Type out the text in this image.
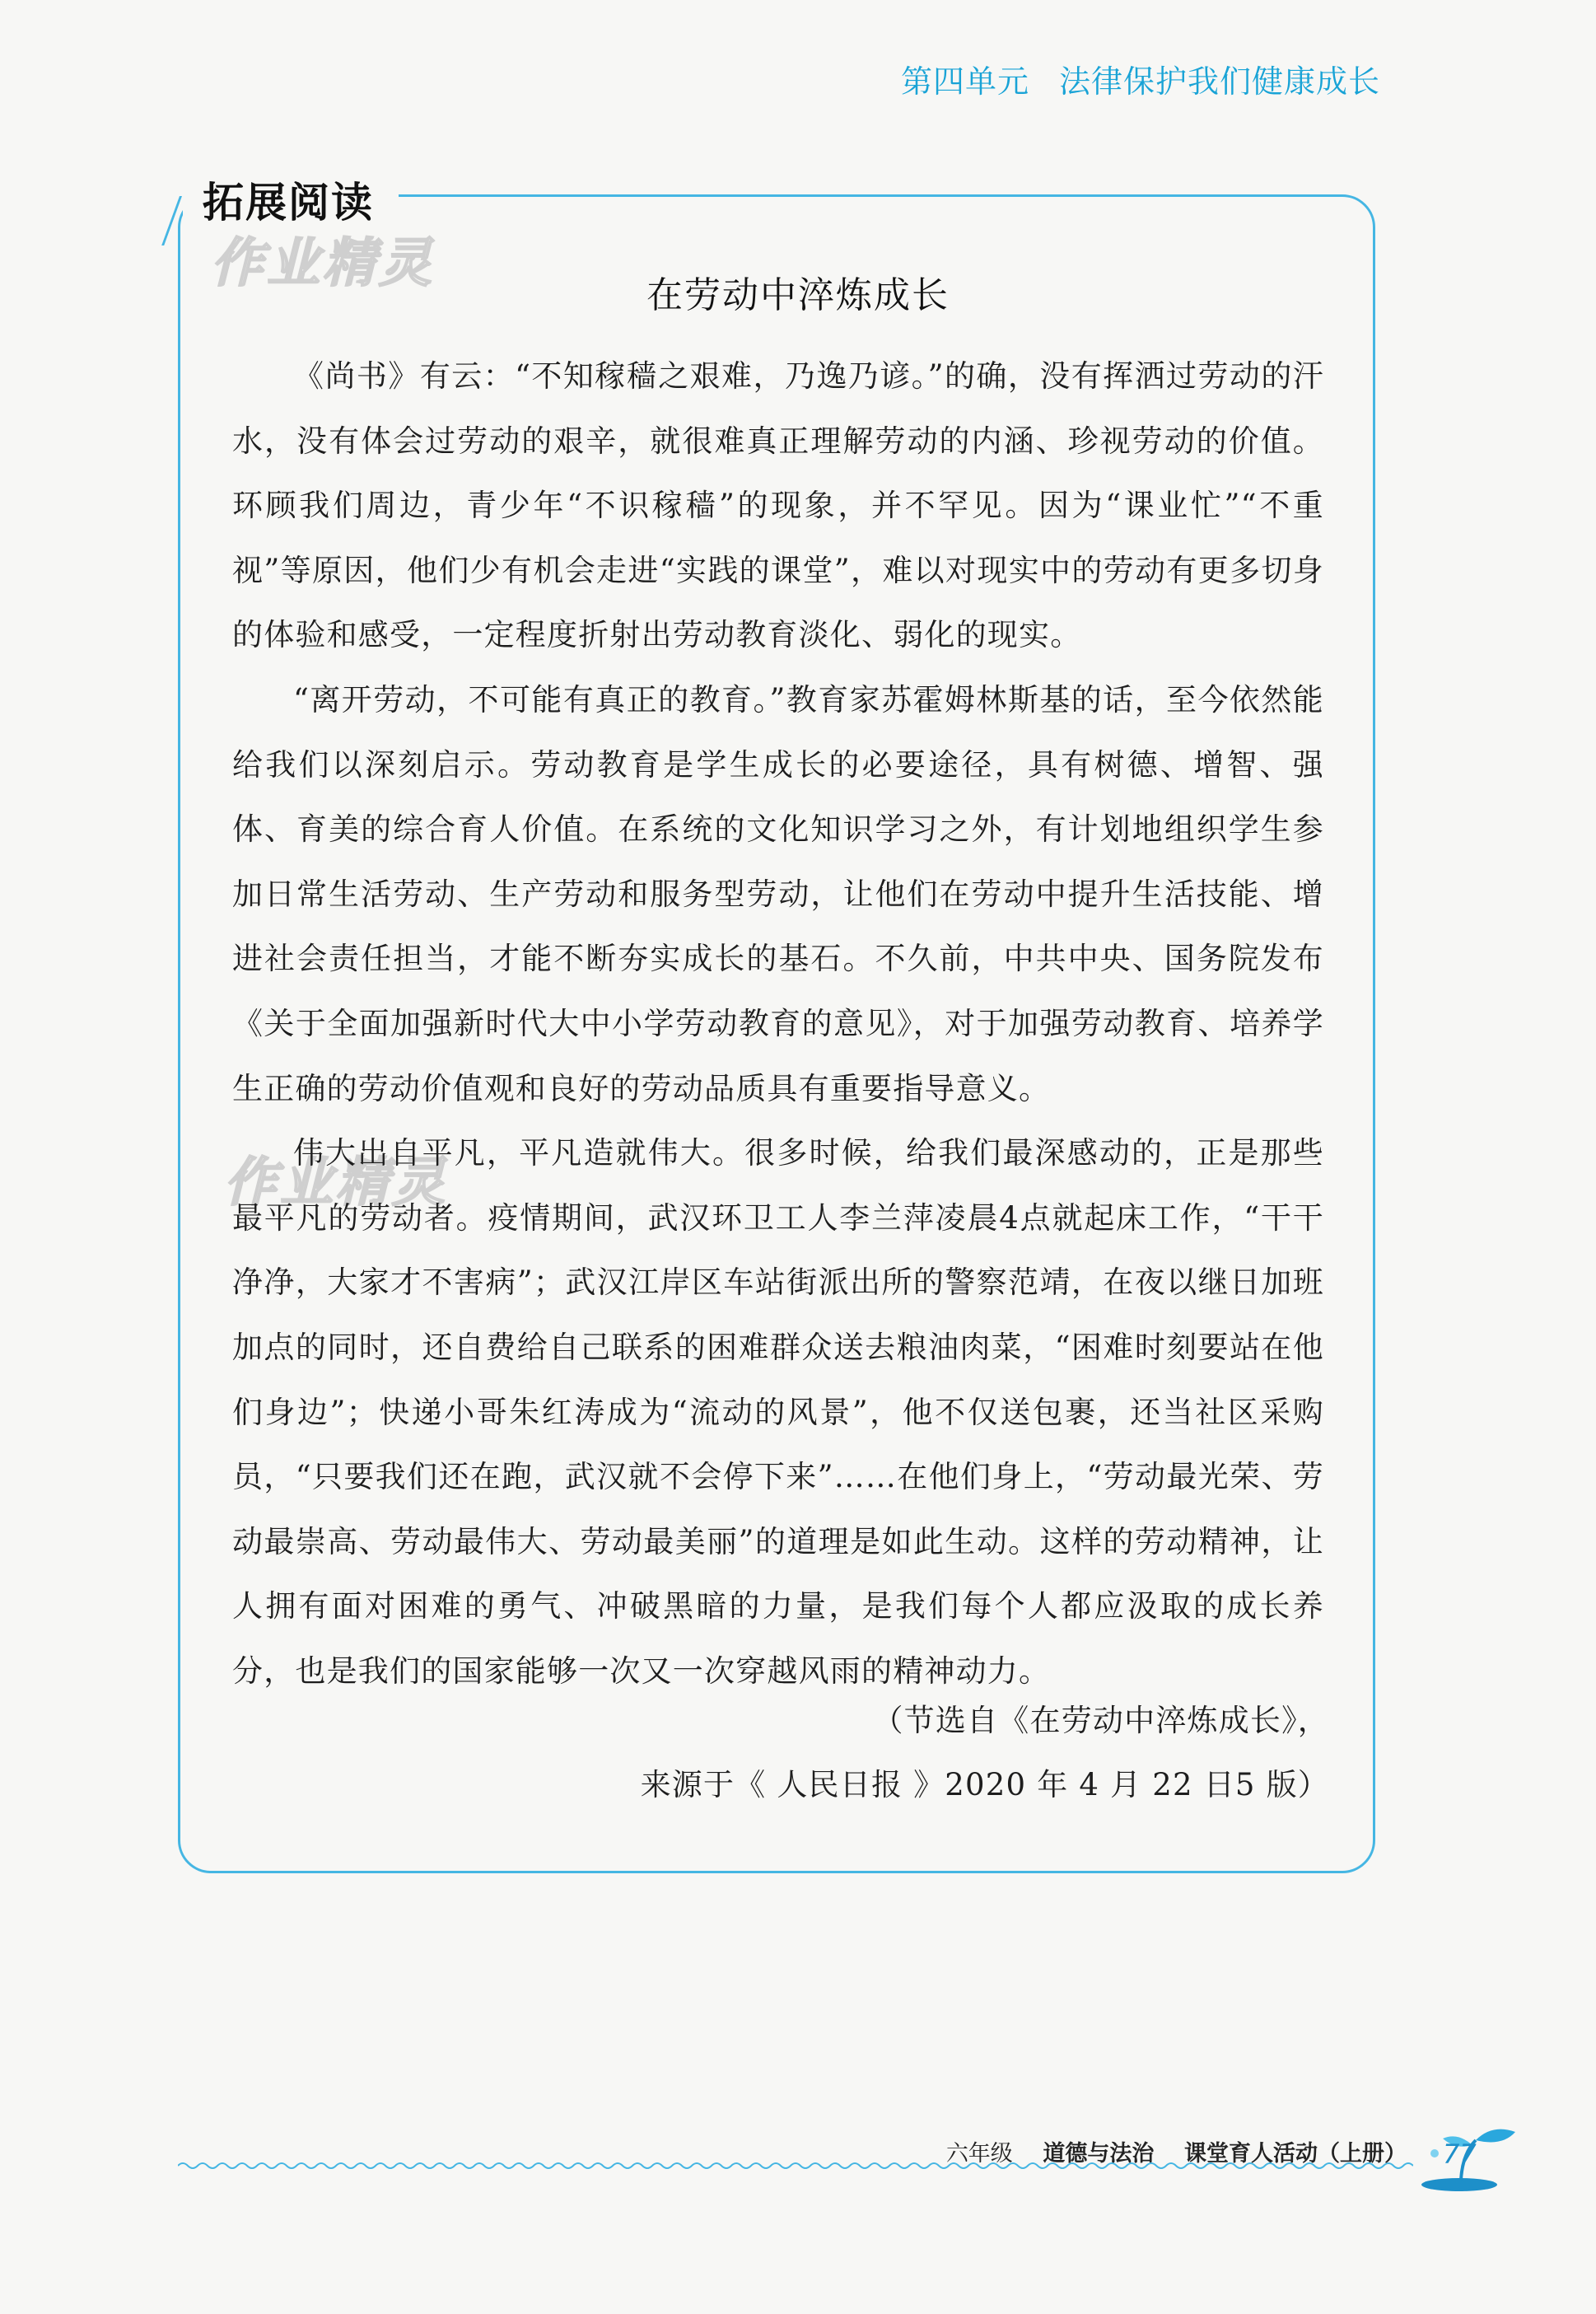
第四单元 法律保护我们健康成长
拓展阅读
作业精灵
作业精灵
在劳动中淬炼成长

《尚书》有云：“不知稼穑之艰难，乃逸乃谚。”的确，没有挥洒过劳动的汗水，没有体会过劳动的艰辛，就很难真正理解劳动的内涵、珍视劳动的价值。环顾我们周边，青少年“不识稼穑”的现象，并不罕见。因为“课业忙”“不重视”等原因，他们少有机会走进“实践的课堂”，难以对现实中的劳动有更多切身的体验和感受，一定程度折射出劳动教育淡化、弱化的现实。

“离开劳动，不可能有真正的教育。”教育家苏霍姆林斯基的话，至今依然能给我们以深刻启示。劳动教育是学生成长的必要途径，具有树德、增智、强体、育美的综合育人价值。在系统的文化知识学习之外，有计划地组织学生参加日常生活劳动、生产劳动和服务型劳动，让他们在劳动中提升生活技能、增进社会责任担当，才能不断夯实成长的基石。不久前，中共中央、国务院发布《关于全面加强新时代大中小学劳动教育的意见》，对于加强劳动教育、培养学生正确的劳动价值观和良好的劳动品质具有重要指导意义。

伟大出自平凡，平凡造就伟大。很多时候，给我们最深感动的，正是那些最平凡的劳动者。疫情期间，武汉环卫工人李兰萍凌晨4点就起床工作，“干干净净，大家才不害病”；武汉江岸区车站街派出所的警察范靖，在夜以继日加班加点的同时，还自费给自己联系的困难群众送去粮油肉菜，“困难时刻要站在他们身边”；快递小哥朱红涛成为“流动的风景”，他不仅送包裹，还当社区采购员，“只要我们还在跑，武汉就不会停下来”……在他们身上，“劳动最光荣、劳动最崇高、劳动最伟大、劳动最美丽”的道理是如此生动。这样的劳动精神，让人拥有面对困难的勇气、冲破黑暗的力量，是我们每个人都应汲取的成长养分，也是我们的国家能够一次又一次穿越风雨的精神动力。

（节选自《在劳动中淬炼成长》，
来源于《 人民日报 》2020 年 4 月 22 日5 版）
六年级 道德与法治 课堂育人活动（上册） 77
